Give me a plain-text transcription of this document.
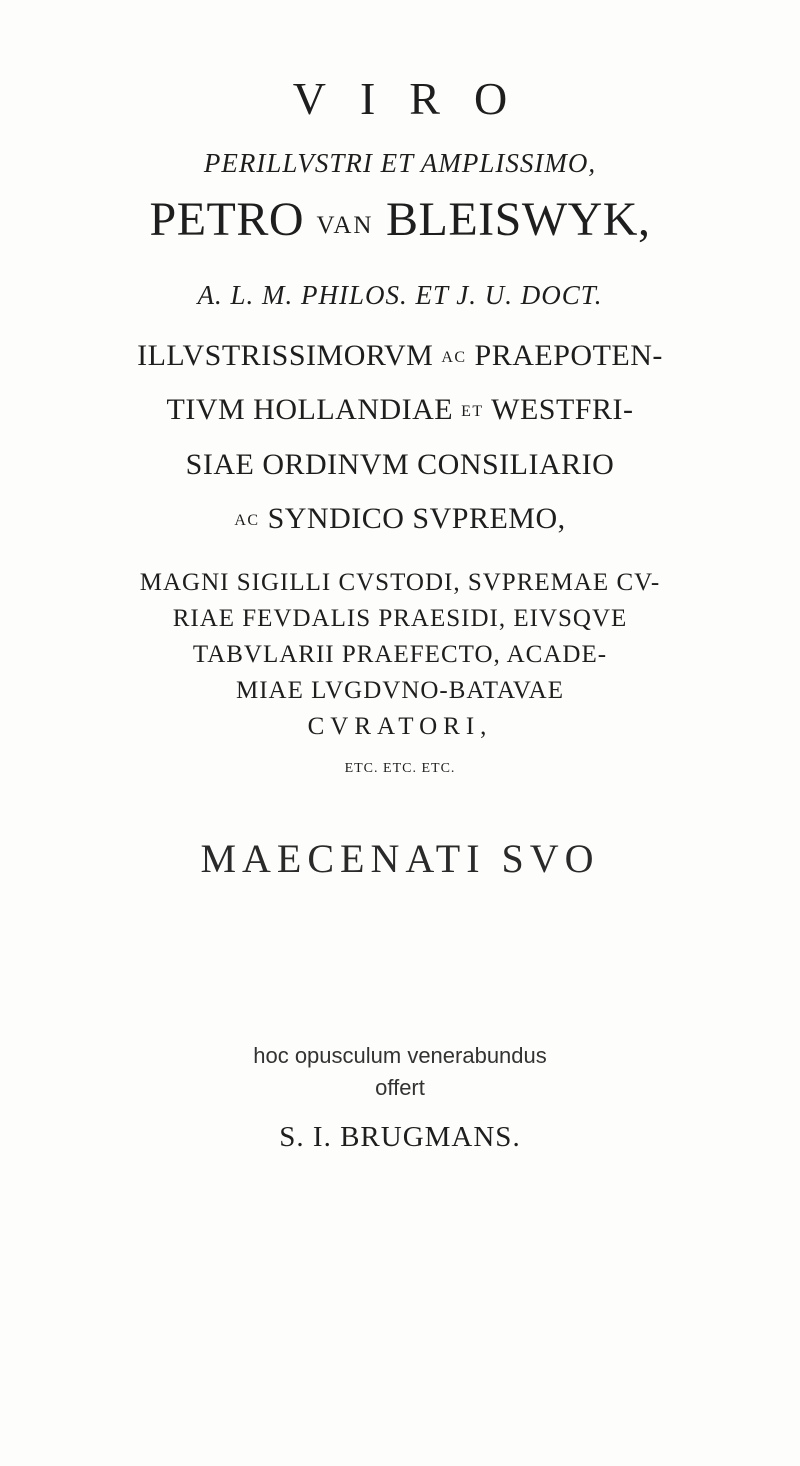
VIRO
PERILLVSTRI ET AMPLISSIMO,
PETRO VAN BLEISWYK,
A. L. M. PHILOS. ET J. U. DOCT.
ILLVSTRISSIMORVM AC PRAEPOTEN-
TIVM HOLLANDIAE ET WESTFRI-
SIAE ORDINVM CONSILIARIO
AC SYNDICO SVPREMO,
MAGNI SIGILLI CVSTODI, SVPREMAE CV-
RIAE FEVDALIS PRAESIDI, EIVSQVE
TABVLARII PRAEFECTO, ACADE-
MIAE LVGDVNO-BATAVAE
CVRATORI,
ETC. ETC. ETC.
MAECENATI SVO
hoc opusculum venerabundus
offert
S. I. BRUGMANS.
